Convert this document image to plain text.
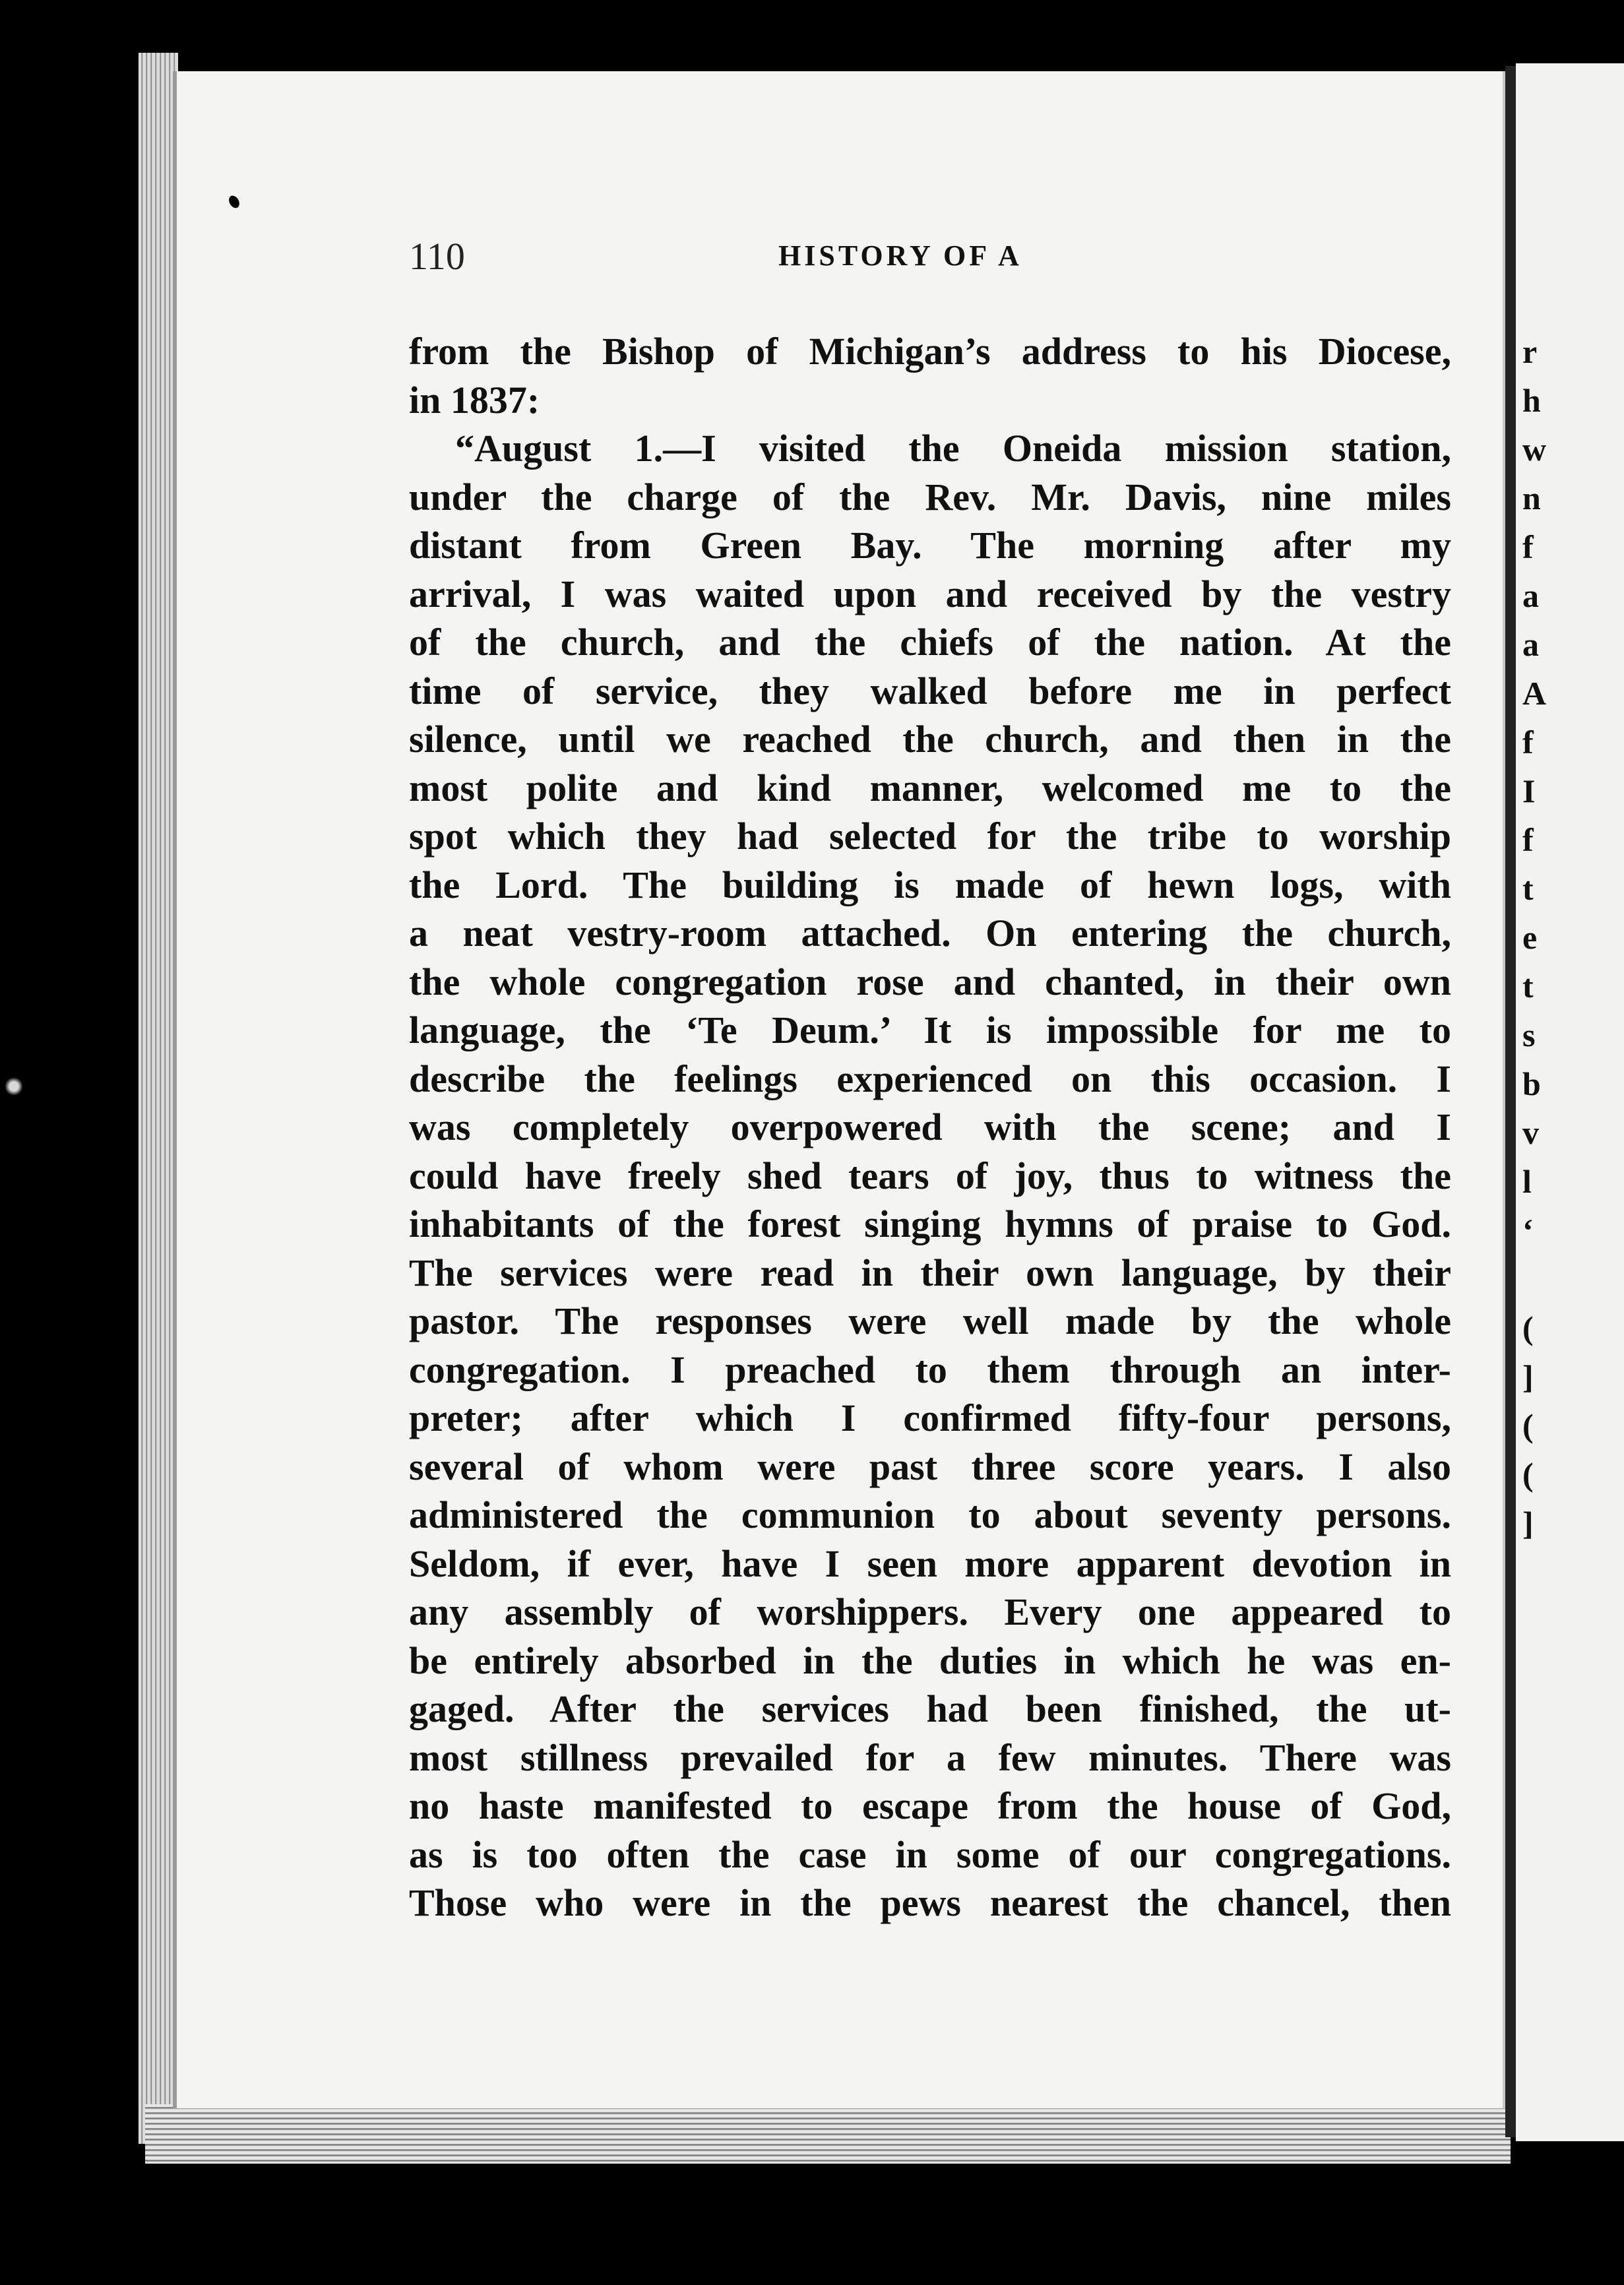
r
h
w
n
f
a
a
A
f
I
f
t
e
t
s
b
v
l
‘
(
]
(
(
]
110	HISTORY OF A
from the Bishop of Michigan’s address to his Diocese,
in 1837:
“August 1.—I visited the Oneida mission station,
under the charge of the Rev. Mr. Davis, nine miles
distant from Green Bay. The morning after my
arrival, I was waited upon and received by the vestry
of the church, and the chiefs of the nation. At the
time of service, they walked before me in perfect
silence, until we reached the church, and then in the
most polite and kind manner, welcomed me to the
spot which they had selected for the tribe to worship
the Lord. The building is made of hewn logs, with
a neat vestry-room attached. On entering the church,
the whole congregation rose and chanted, in their own
language, the ‘Te Deum.’ It is impossible for me to
describe the feelings experienced on this occasion. I
was completely overpowered with the scene; and I
could have freely shed tears of joy, thus to witness the
inhabitants of the forest singing hymns of praise to God.
The services were read in their own language, by their
pastor. The responses were well made by the whole
congregation. I preached to them through an inter-
preter; after which I confirmed fifty-four persons,
several of whom were past three score years. I also
administered the communion to about seventy persons.
Seldom, if ever, have I seen more apparent devotion in
any assembly of worshippers. Every one appeared to
be entirely absorbed in the duties in which he was en-
gaged. After the services had been finished, the ut-
most stillness prevailed for a few minutes. There was
no haste manifested to escape from the house of God,
as is too often the case in some of our congregations.
Those who were in the pews nearest the chancel, then
